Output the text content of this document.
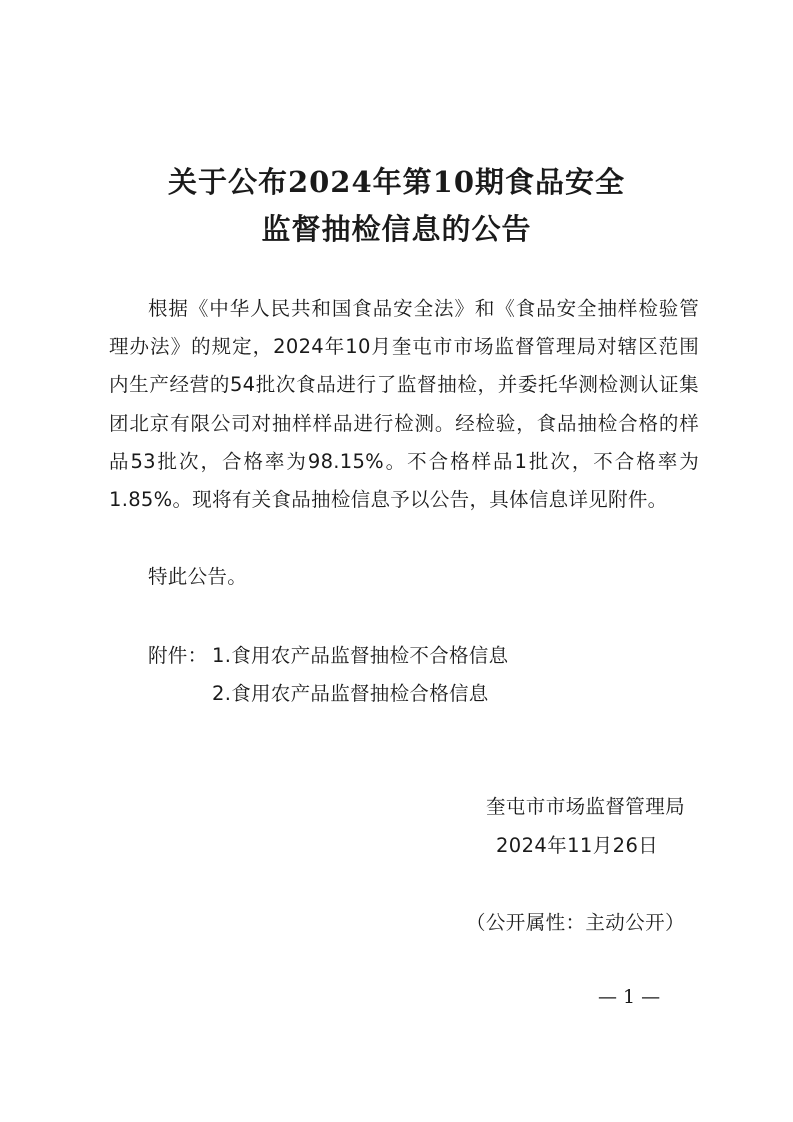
关于公布2024年第10期食品安全
监督抽检信息的公告
根据《中华人民共和国食品安全法》和《食品安全抽样检验管理办法》的规定，2024年10月奎屯市市场监督管理局对辖区范围内生产经营的54批次食品进行了监督抽检，并委托华测检测认证集团北京有限公司对抽样样品进行检测。经检验，食品抽检合格的样品53批次，合格率为98.15%。不合格样品1批次，不合格率为1.85%。现将有关食品抽检信息予以公告，具体信息详见附件。
特此公告。
附件： 1.食用农产品监督抽检不合格信息
2.食用农产品监督抽检合格信息
奎屯市市场监督管理局
2024年11月26日
（公开属性：主动公开）
— 1 —
